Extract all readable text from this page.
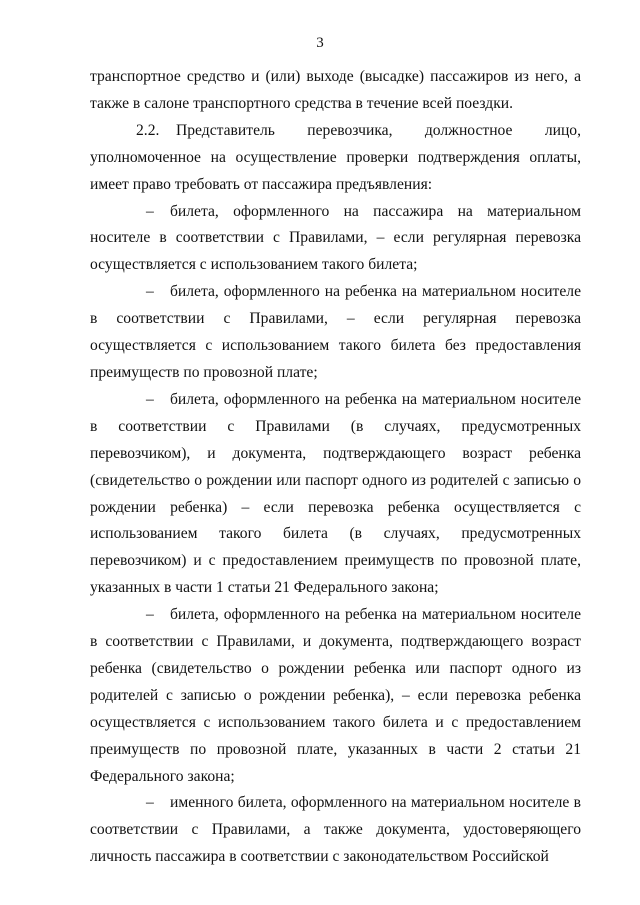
3

транспортное средство и (или) выходе (высадке) пассажиров из него, а также в салоне транспортного средства в течение всей поездки.

2.2. Представитель перевозчика, должностное лицо, уполномоченное на осуществление проверки подтверждения оплаты, имеет право требовать от пассажира предъявления:

– билета, оформленного на пассажира на материальном носителе в соответствии с Правилами, – если регулярная перевозка осуществляется с использованием такого билета;

– билета, оформленного на ребенка на материальном носителе в соответствии с Правилами, – если регулярная перевозка осуществляется с использованием такого билета без предоставления преимуществ по провозной плате;

– билета, оформленного на ребенка на материальном носителе в соответствии с Правилами (в случаях, предусмотренных перевозчиком), и документа, подтверждающего возраст ребенка (свидетельство о рождении или паспорт одного из родителей с записью о рождении ребенка) – если перевозка ребенка осуществляется с использованием такого билета (в случаях, предусмотренных перевозчиком) и с предоставлением преимуществ по провозной плате, указанных в части 1 статьи 21 Федерального закона;

– билета, оформленного на ребенка на материальном носителе в соответствии с Правилами, и документа, подтверждающего возраст ребенка (свидетельство о рождении ребенка или паспорт одного из родителей с записью о рождении ребенка), – если перевозка ребенка осуществляется с использованием такого билета и с предоставлением преимуществ по провозной плате, указанных в части 2 статьи 21 Федерального закона;

– именного билета, оформленного на материальном носителе в соответствии с Правилами, а также документа, удостоверяющего личность пассажира в соответствии с законодательством Российской
